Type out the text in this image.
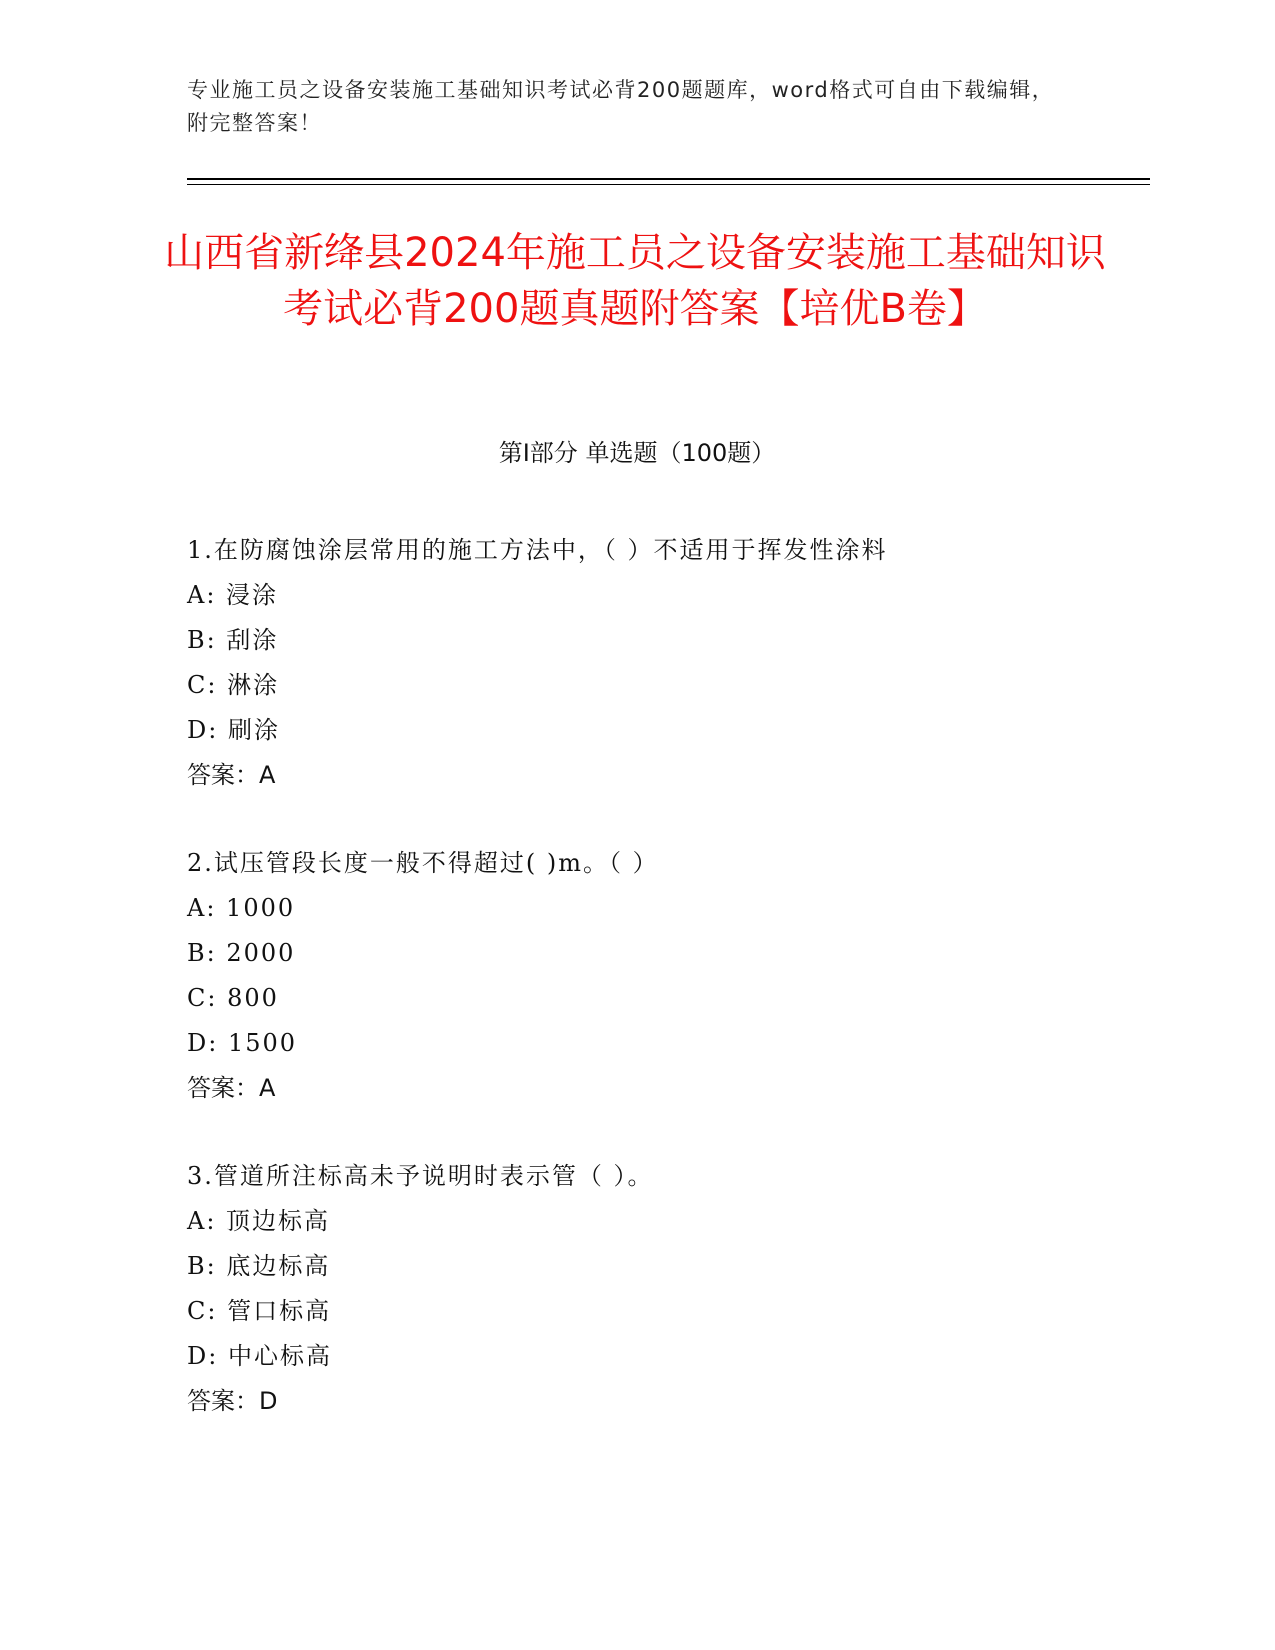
专业施工员之设备安装施工基础知识考试必背200题题库，word格式可自由下载编辑，附完整答案！
山西省新绛县2024年施工员之设备安装施工基础知识考试必背200题真题附答案【培优B卷】
第Ⅰ部分 单选题（100题）
1.在防腐蚀涂层常用的施工方法中，（ ）不适用于挥发性涂料
A: 浸涂
B: 刮涂
C: 淋涂
D: 刷涂
答案：A
2.试压管段长度一般不得超过( )m。（ ）
A: 1000
B: 2000
C: 800
D: 1500
答案：A
3.管道所注标高未予说明时表示管（ ）。
A: 顶边标高
B: 底边标高
C: 管口标高
D: 中心标高
答案：D
